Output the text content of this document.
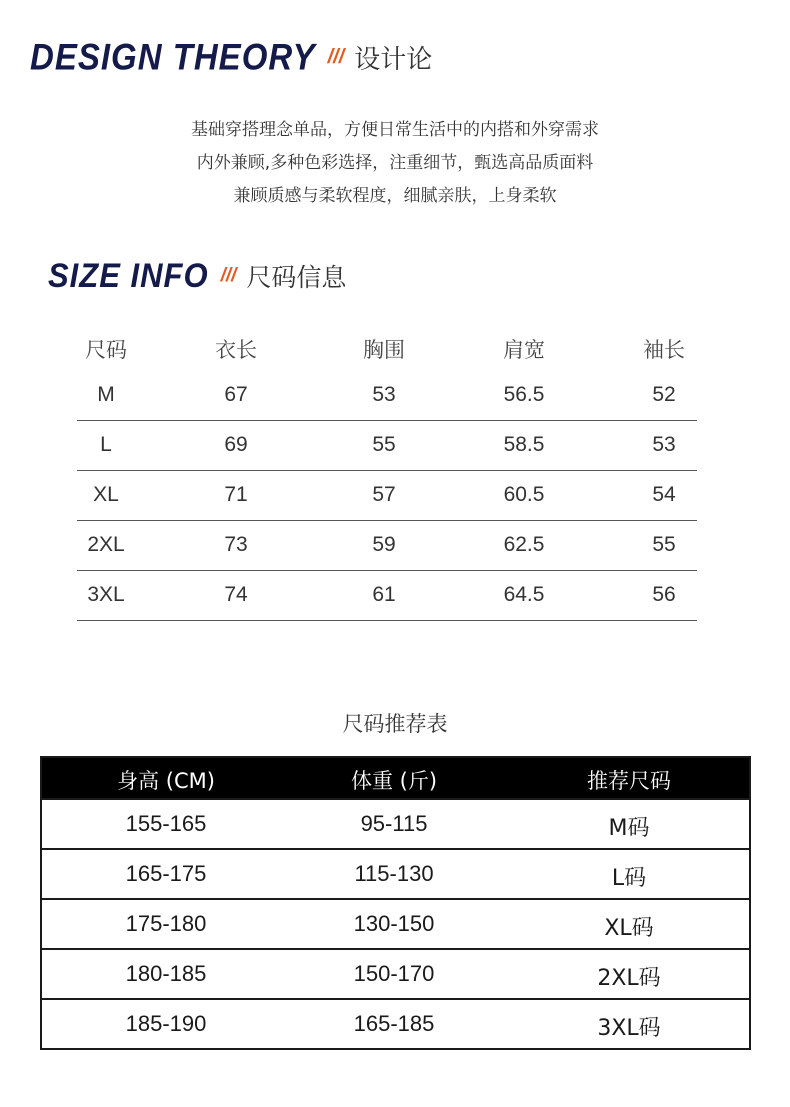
DESIGN THEORY /// 设计论
基础穿搭理念单品，方便日常生活中的内搭和外穿需求
内外兼顾,多种色彩选择，注重细节，甄选高品质面料
兼顾质感与柔软程度，细腻亲肤，上身柔软
SIZE INFO /// 尺码信息
尺码	衣长	胸围	肩宽	袖长
M	67	53	56.5	52
L	69	55	58.5	53
XL	71	57	60.5	54
2XL	73	59	62.5	55
3XL	74	61	64.5	56
尺码推荐表
身高 (CM)	体重 (斤)	推荐尺码
155-165	95-115	M码
165-175	115-130	L码
175-180	130-150	XL码
180-185	150-170	2XL码
185-190	165-185	3XL码
